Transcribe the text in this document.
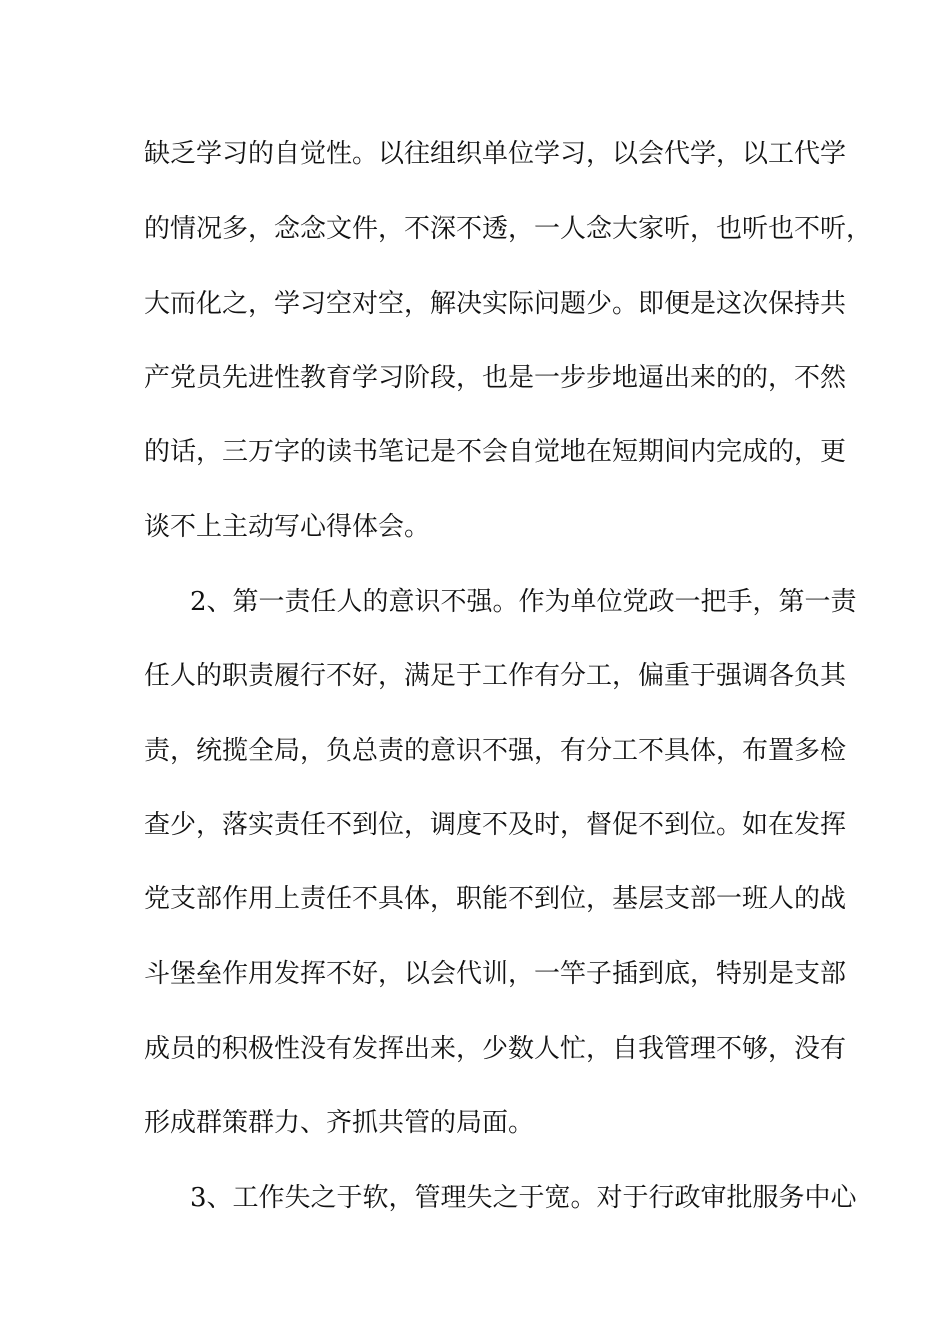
缺乏学习的自觉性。以往组织单位学习，以会代学，以工代学
的情况多，念念文件，不深不透，一人念大家听，也听也不听，
大而化之，学习空对空，解决实际问题少。即便是这次保持共
产党员先进性教育学习阶段，也是一步步地逼出来的的，不然
的话，三万字的读书笔记是不会自觉地在短期间内完成的，更
谈不上主动写心得体会。
2、第一责任人的意识不强。作为单位党政一把手，第一责
任人的职责履行不好，满足于工作有分工，偏重于强调各负其
责，统揽全局，负总责的意识不强，有分工不具体，布置多检
查少，落实责任不到位，调度不及时，督促不到位。如在发挥
党支部作用上责任不具体，职能不到位，基层支部一班人的战
斗堡垒作用发挥不好，以会代训，一竿子插到底，特别是支部
成员的积极性没有发挥出来，少数人忙，自我管理不够，没有
形成群策群力、齐抓共管的局面。
3、工作失之于软，管理失之于宽。对于行政审批服务中心
